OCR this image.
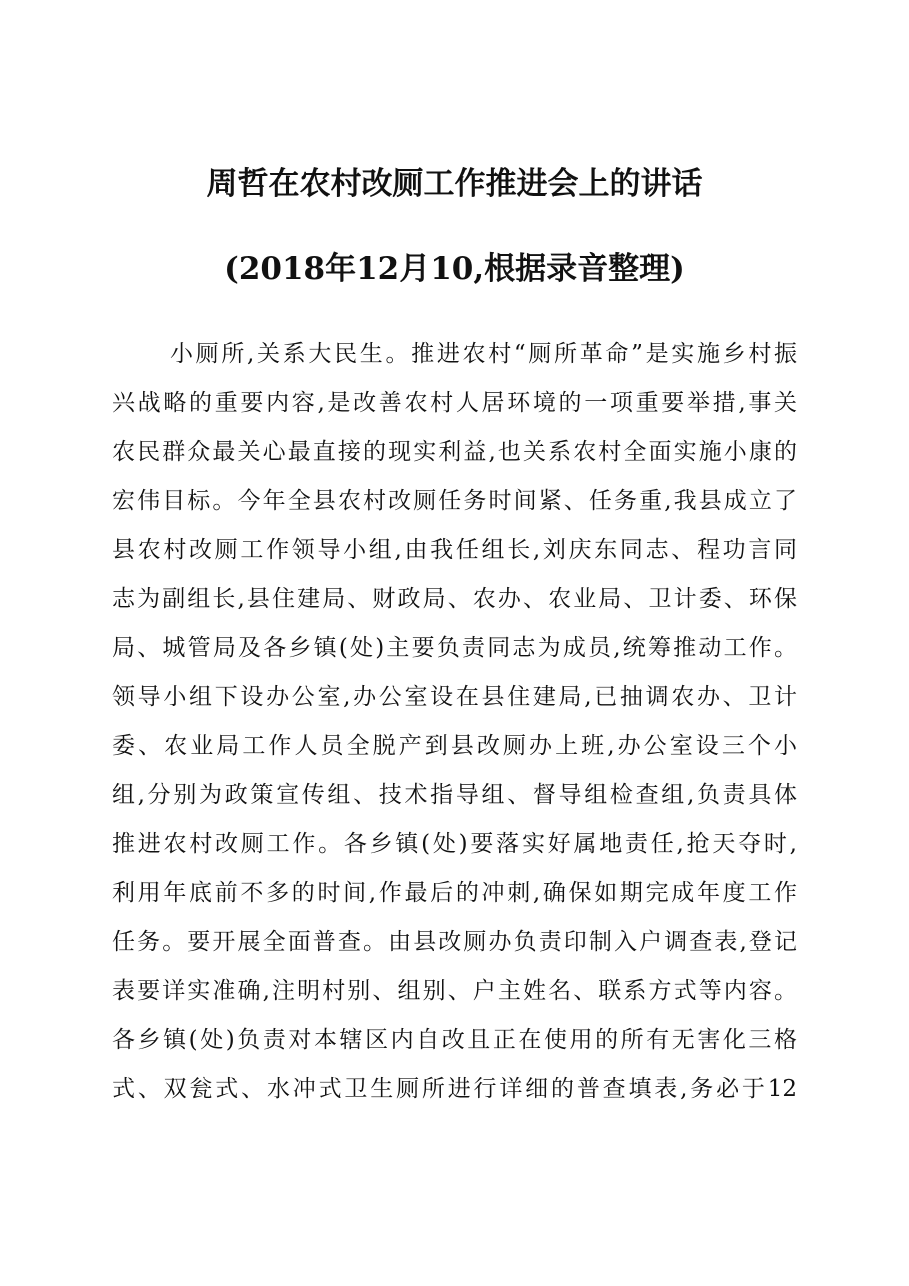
周哲在农村改厕工作推进会上的讲话
(2018年12月10,根据录音整理)
小厕所,关系大民生。推进农村“厕所革命”是实施乡村振
兴战略的重要内容,是改善农村人居环境的一项重要举措,事关
农民群众最关心最直接的现实利益,也关系农村全面实施小康的
宏伟目标。今年全县农村改厕任务时间紧、任务重,我县成立了
县农村改厕工作领导小组,由我任组长,刘庆东同志、程功言同
志为副组长,县住建局、财政局、农办、农业局、卫计委、环保
局、城管局及各乡镇(处)主要负责同志为成员,统筹推动工作。
领导小组下设办公室,办公室设在县住建局,已抽调农办、卫计
委、农业局工作人员全脱产到县改厕办上班,办公室设三个小
组,分别为政策宣传组、技术指导组、督导组检查组,负责具体
推进农村改厕工作。各乡镇(处)要落实好属地责任,抢天夺时,
利用年底前不多的时间,作最后的冲刺,确保如期完成年度工作
任务。要开展全面普查。由县改厕办负责印制入户调查表,登记
表要详实准确,注明村别、组别、户主姓名、联系方式等内容。
各乡镇(处)负责对本辖区内自改且正在使用的所有无害化三格
式、双瓮式、水冲式卫生厕所进行详细的普查填表,务必于12
